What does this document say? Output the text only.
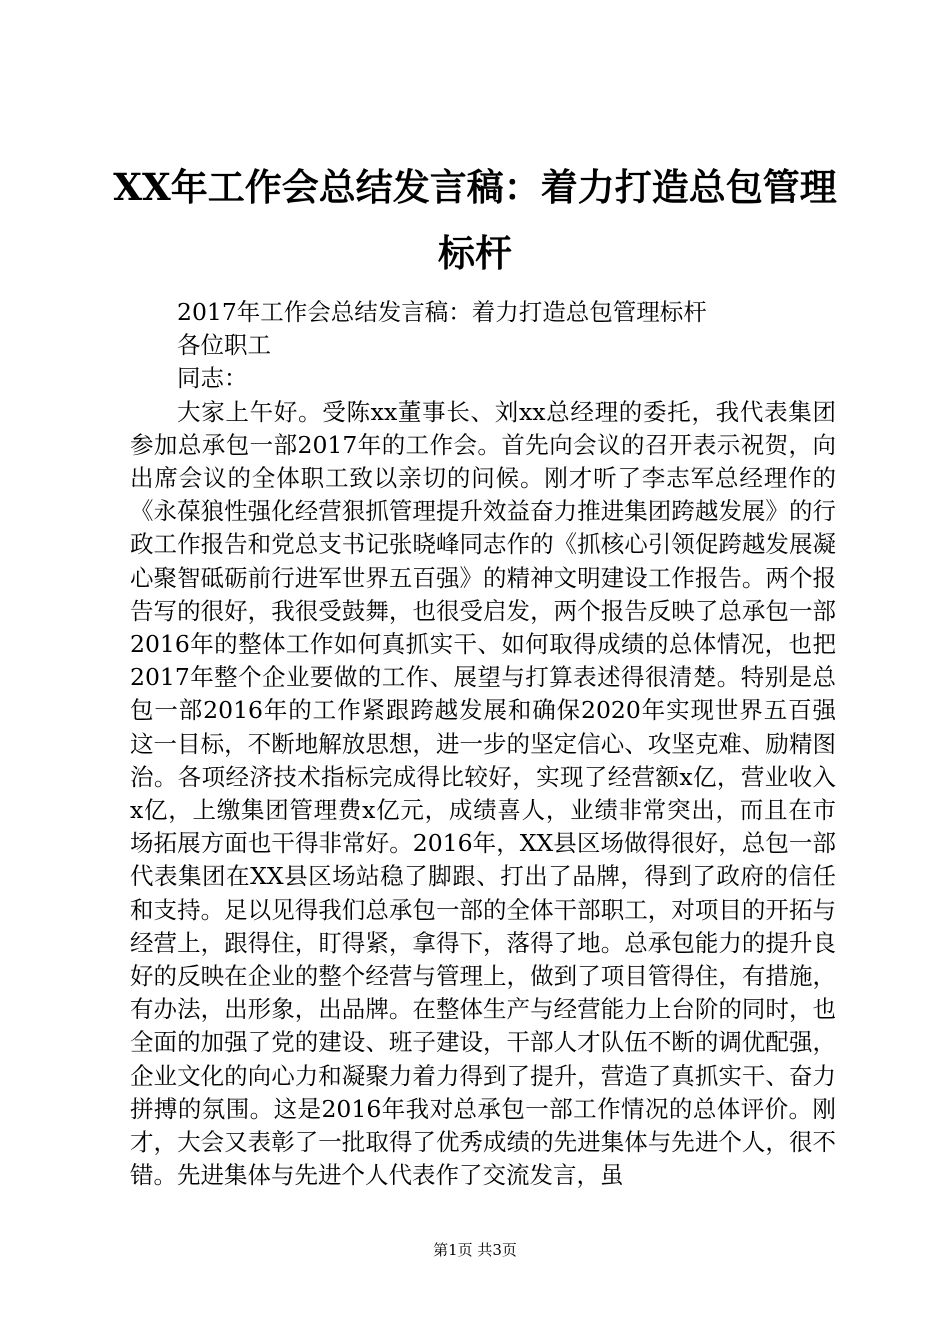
XX年工作会总结发言稿：着力打造总包管理标杆

2017年工作会总结发言稿：着力打造总包管理标杆

各位职工

同志：

大家上午好。受陈xx董事长、刘xx总经理的委托，我代表集团参加总承包一部2017年的工作会。首先向会议的召开表示祝贺，向出席会议的全体职工致以亲切的问候。刚才听了李志军总经理作的《永葆狼性强化经营狠抓管理提升效益奋力推进集团跨越发展》的行政工作报告和党总支书记张晓峰同志作的《抓核心引领促跨越发展凝心聚智砥砺前行进军世界五百强》的精神文明建设工作报告。两个报告写的很好，我很受鼓舞，也很受启发，两个报告反映了总承包一部2016年的整体工作如何真抓实干、如何取得成绩的总体情况，也把2017年整个企业要做的工作、展望与打算表述得很清楚。特别是总包一部2016年的工作紧跟跨越发展和确保2020年实现世界五百强这一目标，不断地解放思想，进一步的坚定信心、攻坚克难、励精图治。各项经济技术指标完成得比较好，实现了经营额x亿，营业收入x亿，上缴集团管理费x亿元，成绩喜人，业绩非常突出，而且在市场拓展方面也干得非常好。2016年，XX县区场做得很好，总包一部代表集团在XX县区场站稳了脚跟、打出了品牌，得到了政府的信任和支持。足以见得我们总承包一部的全体干部职工，对项目的开拓与经营上，跟得住，盯得紧，拿得下，落得了地。总承包能力的提升良好的反映在企业的整个经营与管理上，做到了项目管得住，有措施，有办法，出形象，出品牌。在整体生产与经营能力上台阶的同时，也全面的加强了党的建设、班子建设，干部人才队伍不断的调优配强，企业文化的向心力和凝聚力着力得到了提升，营造了真抓实干、奋力拼搏的氛围。这是2016年我对总承包一部工作情况的总体评价。刚才，大会又表彰了一批取得了优秀成绩的先进集体与先进个人，很不错。先进集体与先进个人代表作了交流发言，虽

第1页 共3页
